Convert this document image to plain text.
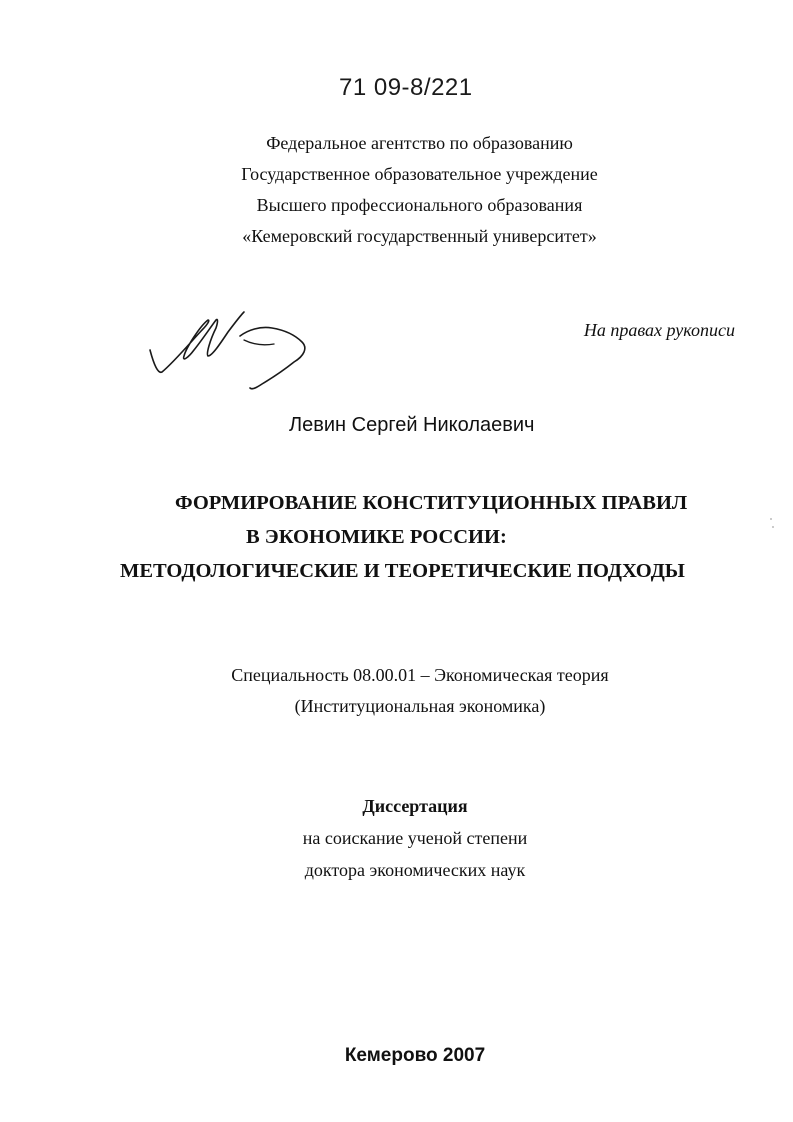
71 09-8/221
Федеральное агентство по образованию
Государственное образовательное учреждение
Высшего профессионального образования
«Кемеровский государственный университет»
На правах рукописи
Левин Сергей Николаевич
ФОРМИРОВАНИЕ КОНСТИТУЦИОННЫХ ПРАВИЛ
В ЭКОНОМИКЕ РОССИИ:
МЕТОДОЛОГИЧЕСКИЕ И ТЕОРЕТИЧЕСКИЕ ПОДХОДЫ
Специальность 08.00.01 – Экономическая теория
(Институциональная экономика)
Диссертация
на соискание ученой степени
доктора экономических наук
Кемерово 2007
